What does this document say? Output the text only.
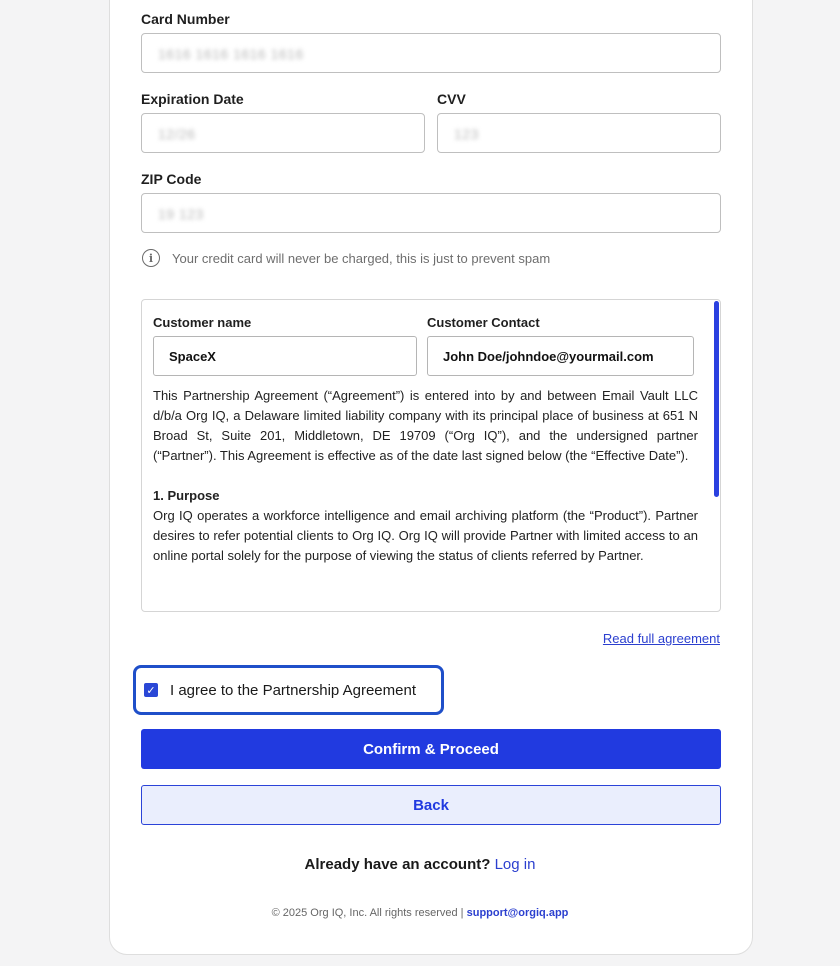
Card Number
1616 1616 1616 1616
Expiration Date
12/26
CVV
123
ZIP Code
19 123
i	Your credit card will never be charged, this is just to prevent spam
Customer name
SpaceX
Customer Contact
John Doe/johndoe@yourmail.com

This Partnership Agreement (“Agreement”) is entered into by and between Email Vault LLC d/b/a Org IQ, a Delaware limited liability company with its principal place of business at 651 N Broad St, Suite 201, Middletown, DE 19709 (“Org IQ”), and the undersigned partner (“Partner”). This Agreement is effective as of the date last signed below (the “Effective Date”).

1. Purpose

Org IQ operates a workforce intelligence and email archiving platform (the “Product”). Partner desires to refer potential clients to Org IQ. Org IQ will provide Partner with limited access to an online portal solely for the purpose of viewing the status of clients referred by Partner.

Read full agreement
✓ I agree to the Partnership Agreement
Confirm & Proceed
Back
Already have an account? Log in
© 2025 Org IQ, Inc. All rights reserved | support@orgiq.app
